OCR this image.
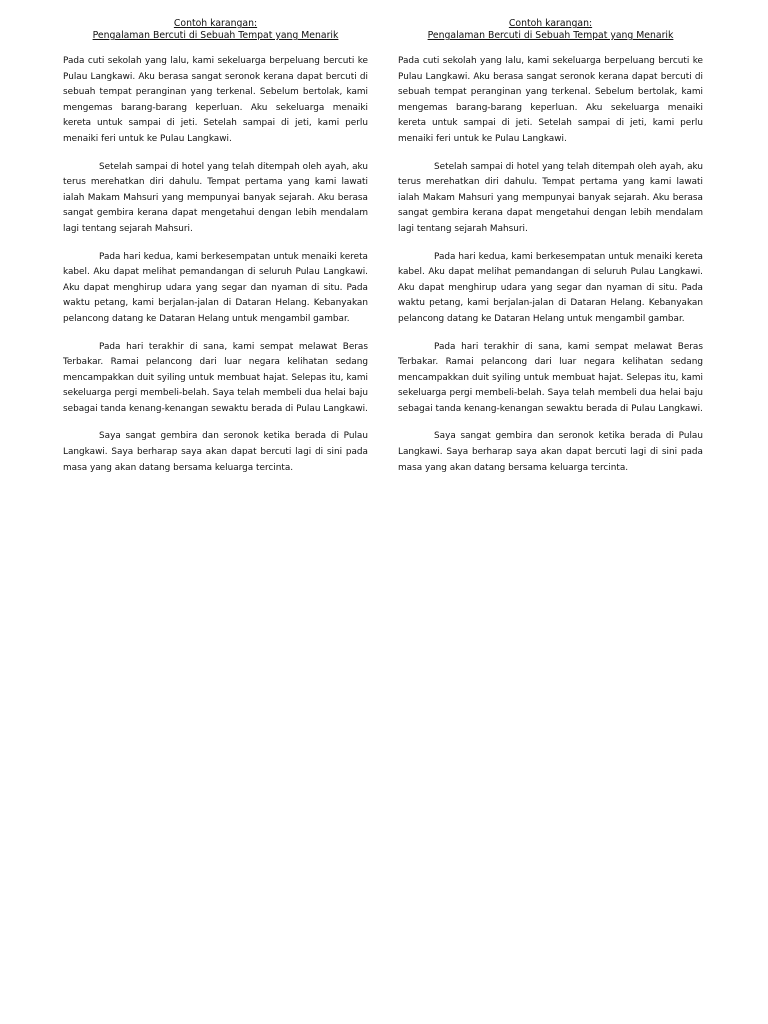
Contoh karangan:
Pengalaman Bercuti di Sebuah Tempat yang Menarik

Pada cuti sekolah yang lalu, kami sekeluarga berpeluang bercuti ke Pulau Langkawi. Aku berasa sangat seronok kerana dapat bercuti di sebuah tempat peranginan yang terkenal. Sebelum bertolak, kami mengemas barang-barang keperluan. Aku sekeluarga menaiki kereta untuk sampai di jeti. Setelah sampai di jeti, kami perlu menaiki feri untuk ke Pulau Langkawi.

Setelah sampai di hotel yang telah ditempah oleh ayah, aku terus merehatkan diri dahulu. Tempat pertama yang kami lawati ialah Makam Mahsuri yang mempunyai banyak sejarah. Aku berasa sangat gembira kerana dapat mengetahui dengan lebih mendalam lagi tentang sejarah Mahsuri.

Pada hari kedua, kami berkesempatan untuk menaiki kereta kabel. Aku dapat melihat pemandangan di seluruh Pulau Langkawi. Aku dapat menghirup udara yang segar dan nyaman di situ. Pada waktu petang, kami berjalan-jalan di Dataran Helang. Kebanyakan pelancong datang ke Dataran Helang untuk mengambil gambar.

Pada hari terakhir di sana, kami sempat melawat Beras Terbakar. Ramai pelancong dari luar negara kelihatan sedang mencampakkan duit syiling untuk membuat hajat. Selepas itu, kami sekeluarga pergi membeli-belah. Saya telah membeli dua helai baju sebagai tanda kenang-kenangan sewaktu berada di Pulau Langkawi.

Saya sangat gembira dan seronok ketika berada di Pulau Langkawi. Saya berharap saya akan dapat bercuti lagi di sini pada masa yang akan datang bersama keluarga tercinta.

Contoh karangan:
Pengalaman Bercuti di Sebuah Tempat yang Menarik

Pada cuti sekolah yang lalu, kami sekeluarga berpeluang bercuti ke Pulau Langkawi. Aku berasa sangat seronok kerana dapat bercuti di sebuah tempat peranginan yang terkenal. Sebelum bertolak, kami mengemas barang-barang keperluan. Aku sekeluarga menaiki kereta untuk sampai di jeti. Setelah sampai di jeti, kami perlu menaiki feri untuk ke Pulau Langkawi.

Setelah sampai di hotel yang telah ditempah oleh ayah, aku terus merehatkan diri dahulu. Tempat pertama yang kami lawati ialah Makam Mahsuri yang mempunyai banyak sejarah. Aku berasa sangat gembira kerana dapat mengetahui dengan lebih mendalam lagi tentang sejarah Mahsuri.

Pada hari kedua, kami berkesempatan untuk menaiki kereta kabel. Aku dapat melihat pemandangan di seluruh Pulau Langkawi. Aku dapat menghirup udara yang segar dan nyaman di situ. Pada waktu petang, kami berjalan-jalan di Dataran Helang. Kebanyakan pelancong datang ke Dataran Helang untuk mengambil gambar.

Pada hari terakhir di sana, kami sempat melawat Beras Terbakar. Ramai pelancong dari luar negara kelihatan sedang mencampakkan duit syiling untuk membuat hajat. Selepas itu, kami sekeluarga pergi membeli-belah. Saya telah membeli dua helai baju sebagai tanda kenang-kenangan sewaktu berada di Pulau Langkawi.

Saya sangat gembira dan seronok ketika berada di Pulau Langkawi. Saya berharap saya akan dapat bercuti lagi di sini pada masa yang akan datang bersama keluarga tercinta.
